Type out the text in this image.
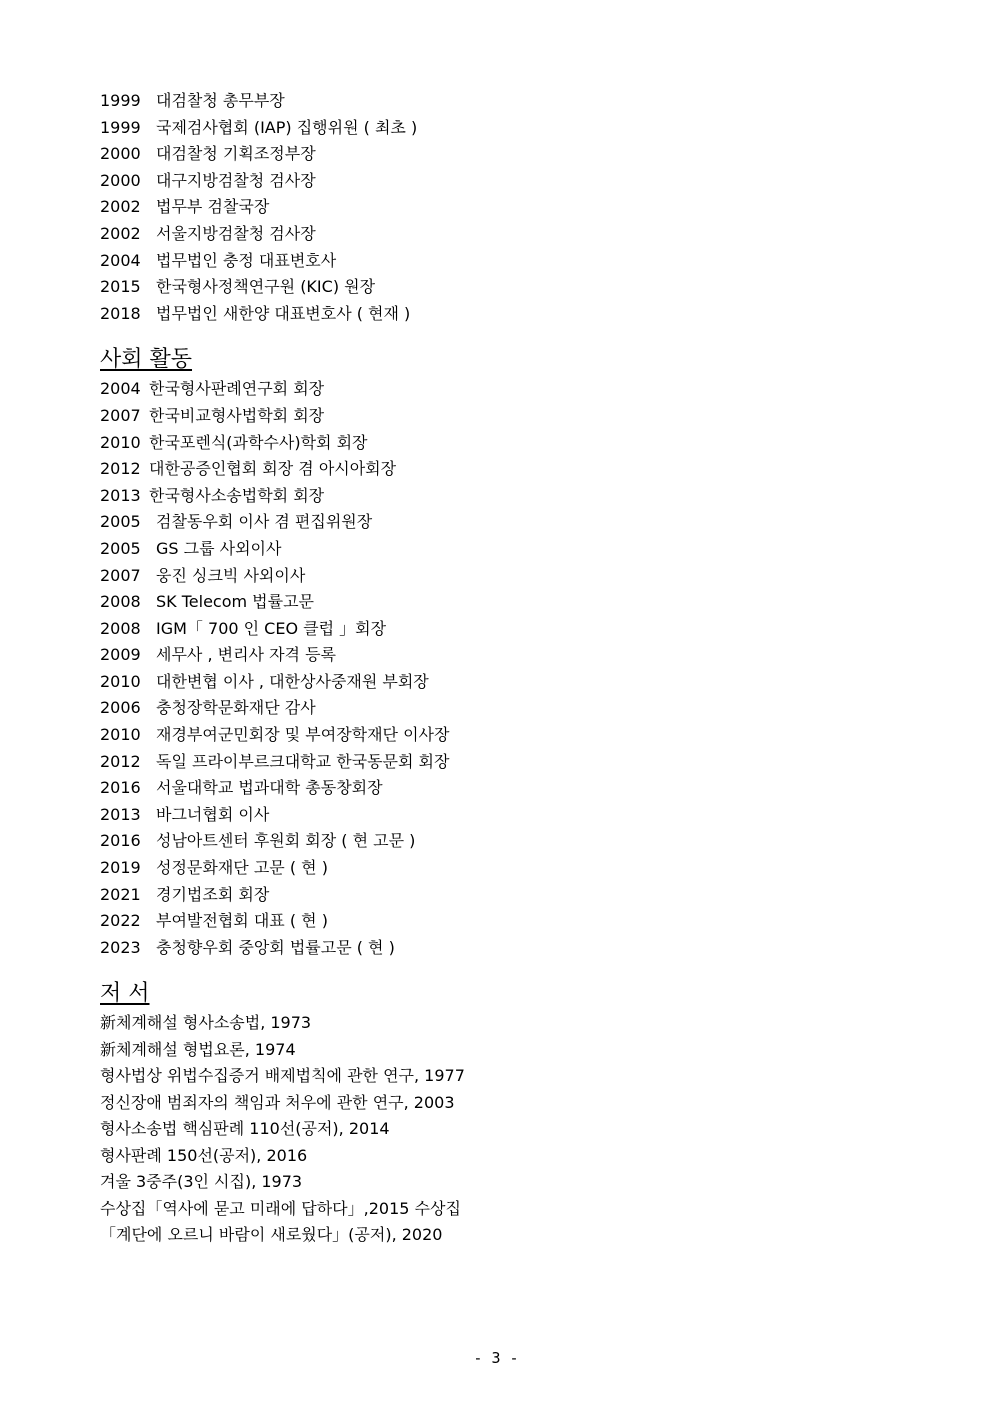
1999 대검찰청 총무부장
1999 국제검사협회 (IAP) 집행위원 ( 최초 )
2000 대검찰청 기획조정부장
2000 대구지방검찰청 검사장
2002 법무부 검찰국장
2002 서울지방검찰청 검사장
2004 법무법인 충정 대표변호사
2015 한국형사정책연구원 (KIC) 원장
2018 법무법인 새한양 대표변호사 ( 현재 )
사회 활동
2004 한국형사판례연구회 회장
2007 한국비교형사법학회 회장
2010 한국포렌식(과학수사)학회 회장
2012 대한공증인협회 회장 겸 아시아회장
2013 한국형사소송법학회 회장
2005 검찰동우회 이사 겸 편집위원장
2005 GS 그룹 사외이사
2007 웅진 싱크빅 사외이사
2008 SK Telecom 법률고문
2008 IGM「 700 인 CEO 클럽 」회장
2009 세무사 , 변리사 자격 등록
2010 대한변협 이사 , 대한상사중재원 부회장
2006 충청장학문화재단 감사
2010 재경부여군민회장 및 부여장학재단 이사장
2012 독일 프라이부르크대학교 한국동문회 회장
2016 서울대학교 법과대학 총동창회장
2013 바그너협회 이사
2016 성남아트센터 후원회 회장 ( 현 고문 )
2019 성정문화재단 고문 ( 현 )
2021 경기법조회 회장
2022 부여발전협회 대표 ( 현 )
2023 충청향우회 중앙회 법률고문 ( 현 )
저 서
新체계해설 형사소송법, 1973
新체계해설 형법요론, 1974
형사법상 위법수집증거 배제법칙에 관한 연구, 1977
정신장애 범죄자의 책임과 처우에 관한 연구, 2003
형사소송법 핵심판례 110선(공저), 2014
형사판례 150선(공저), 2016
겨울 3중주(3인 시집), 1973
수상집「역사에 묻고 미래에 답하다」,2015 수상집
「계단에 오르니 바람이 새로웠다」(공저), 2020
- 3 -
